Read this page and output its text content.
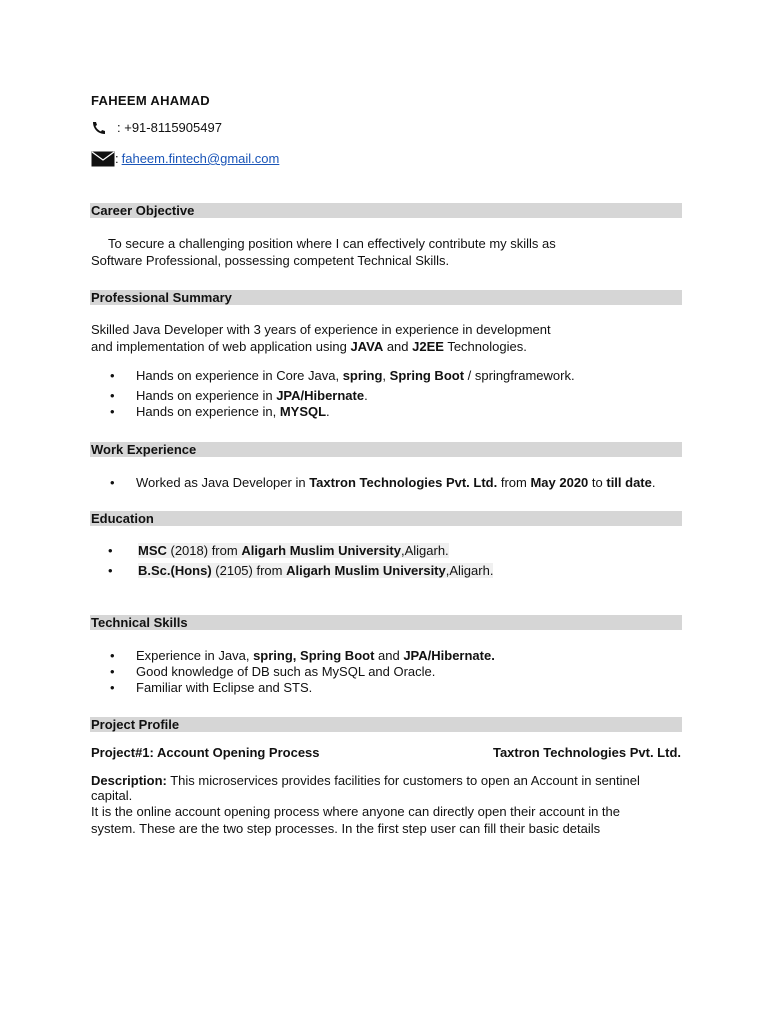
FAHEEM AHAMAD
: +91-8115905497
: faheem.fintech@gmail.com
Career Objective
To secure a challenging position where I can effectively contribute my skills as
Software Professional, possessing competent Technical Skills.
Professional Summary
Skilled Java Developer with 3 years of experience in experience in development
and implementation of web application using JAVA and J2EE Technologies.
• Hands on experience in Core Java, spring, Spring Boot / springframework.
• Hands on experience in JPA/Hibernate.
• Hands on experience in, MYSQL.
Work Experience
• Worked as Java Developer in Taxtron Technologies Pvt. Ltd. from May 2020 to till date.
Education
• MSC (2018) from Aligarh Muslim University,Aligarh.
• B.Sc.(Hons) (2105) from Aligarh Muslim University,Aligarh.
Technical Skills
• Experience in Java, spring, Spring Boot and JPA/Hibernate.
• Good knowledge of DB such as MySQL and Oracle.
• Familiar with Eclipse and STS.
Project Profile
Project#1: Account Opening Process	Taxtron Technologies Pvt. Ltd.
Description: This microservices provides facilities for customers to open an Account in sentinel
capital.
It is the online account opening process where anyone can directly open their account in the
system. These are the two step processes. In the first step user can fill their basic details
